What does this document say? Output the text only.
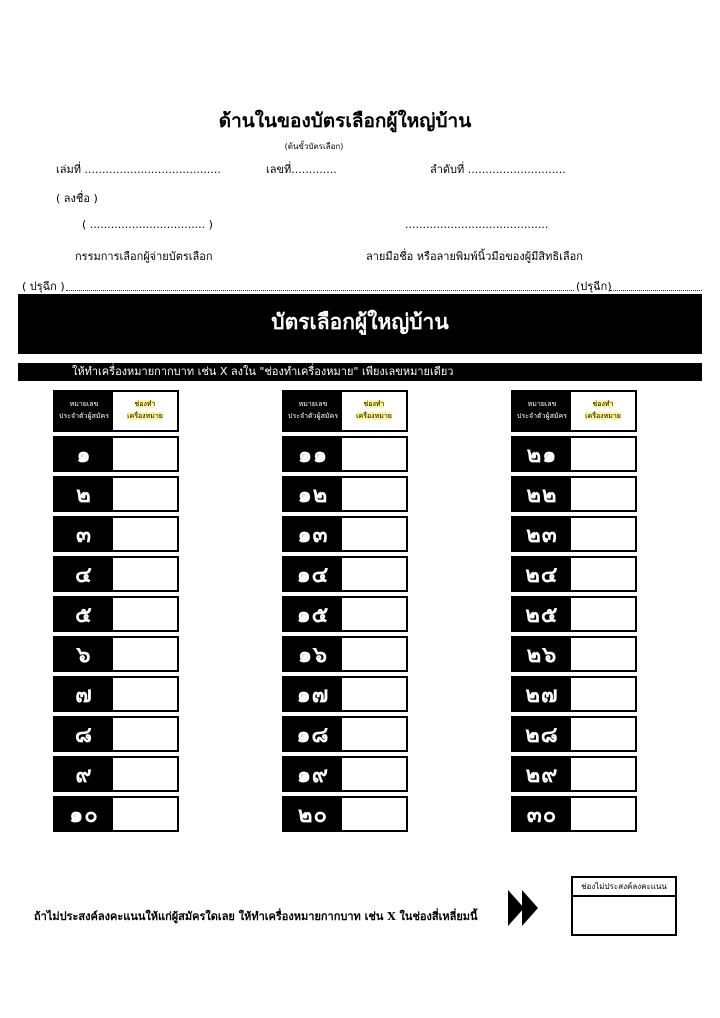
ด้านในของบัตรเลือกผู้ใหญ่บ้าน
(ต้นขั้วบัตรเลือก)
เล่มที่ .......................................	เลขที่.............	ลำดับที่ ............................
( ลงชื่อ )
( ................................. )	.........................................
กรรมการเลือกผู้จ่ายบัตรเลือก	ลายมือชื่อ หรือลายพิมพ์นิ้วมือของผู้มีสิทธิเลือก
( ปรุฉีก )	(ปรุฉีก)
บัตรเลือกผู้ใหญ่บ้าน
ให้ทำเครื่องหมายกากบาท เช่น X ลงใน "ช่องทำเครื่องหมาย" เพียงเลขหมายเดียว
หมายเลข
ประจำตัวผู้สมัคร
ช่องทำ
เครื่องหมาย
๑
๒
๓
๔
๕
๖
๗
๘
๙
๑๐
หมายเลข
ประจำตัวผู้สมัคร
ช่องทำ
เครื่องหมาย
๑๑
๑๒
๑๓
๑๔
๑๕
๑๖
๑๗
๑๘
๑๙
๒๐
หมายเลข
ประจำตัวผู้สมัคร
ช่องทำ
เครื่องหมาย
๒๑
๒๒
๒๓
๒๔
๒๕
๒๖
๒๗
๒๘
๒๙
๓๐
ถ้าไม่ประสงค์ลงคะแนนให้แก่ผู้สมัครใดเลย ให้ทำเครื่องหมายกากบาท เช่น X ในช่องสี่เหลี่ยมนี้
ช่องไม่ประสงค์ลงคะแนน
